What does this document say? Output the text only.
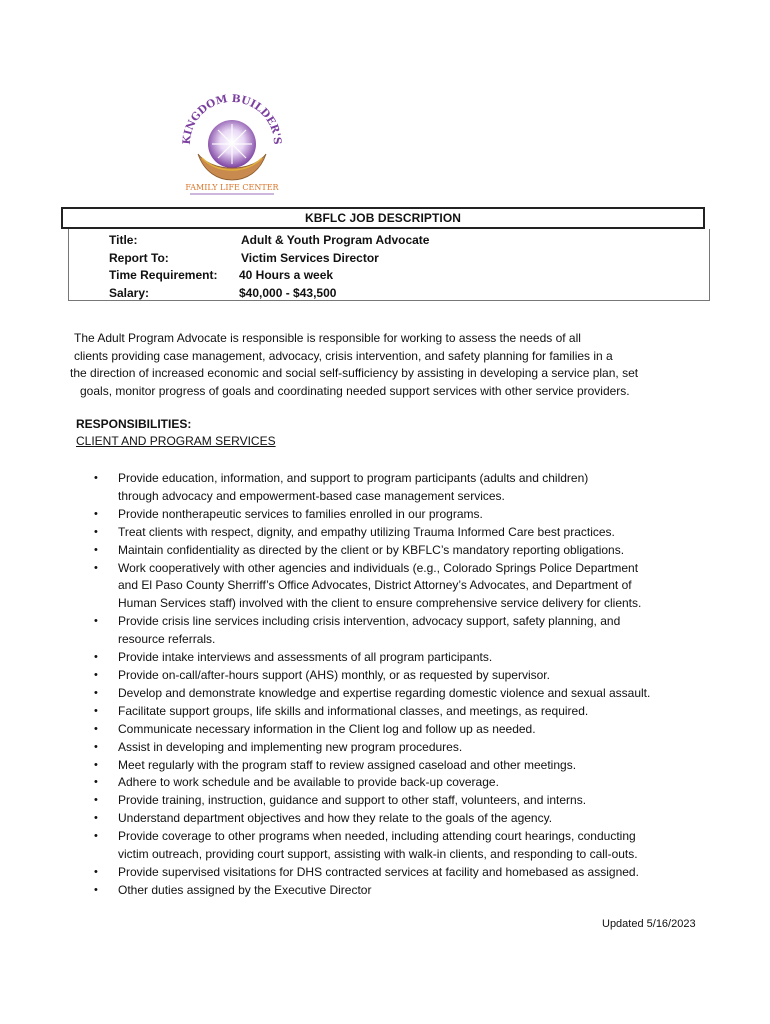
KINGDOM BUILDER'S
FAMILY LIFE CENTER
KBFLC JOB DESCRIPTION
Title:	Adult & Youth Program Advocate
Report To:	Victim Services Director
Time Requirement: 40 Hours a week
Salary:	$40,000 - $43,500
The Adult Program Advocate is responsible is responsible for working to assess the needs of all
clients providing case management, advocacy, crisis intervention, and safety planning for families in a
the direction of increased economic and social self-sufficiency by assisting in developing a service plan, set
goals, monitor progress of goals and coordinating needed support services with other service providers.
RESPONSIBILITIES:
CLIENT AND PROGRAM SERVICES
• Provide education, information, and support to program participants (adults and children)
through advocacy and empowerment-based case management services.
• Provide nontherapeutic services to families enrolled in our programs.
• Treat clients with respect, dignity, and empathy utilizing Trauma Informed Care best practices.
• Maintain confidentiality as directed by the client or by KBFLC’s mandatory reporting obligations.
• Work cooperatively with other agencies and individuals (e.g., Colorado Springs Police Department
and El Paso County Sherriff’s Office Advocates, District Attorney’s Advocates, and Department of
Human Services staff) involved with the client to ensure comprehensive service delivery for clients.
• Provide crisis line services including crisis intervention, advocacy support, safety planning, and
resource referrals.
• Provide intake interviews and assessments of all program participants.
• Provide on-call/after-hours support (AHS) monthly, or as requested by supervisor.
• Develop and demonstrate knowledge and expertise regarding domestic violence and sexual assault.
• Facilitate support groups, life skills and informational classes, and meetings, as required.
• Communicate necessary information in the Client log and follow up as needed.
• Assist in developing and implementing new program procedures.
• Meet regularly with the program staff to review assigned caseload and other meetings.
• Adhere to work schedule and be available to provide back-up coverage.
• Provide training, instruction, guidance and support to other staff, volunteers, and interns.
• Understand department objectives and how they relate to the goals of the agency.
• Provide coverage to other programs when needed, including attending court hearings, conducting
victim outreach, providing court support, assisting with walk-in clients, and responding to call-outs.
• Provide supervised visitations for DHS contracted services at facility and homebased as assigned.
• Other duties assigned by the Executive Director
Updated 5/16/2023
